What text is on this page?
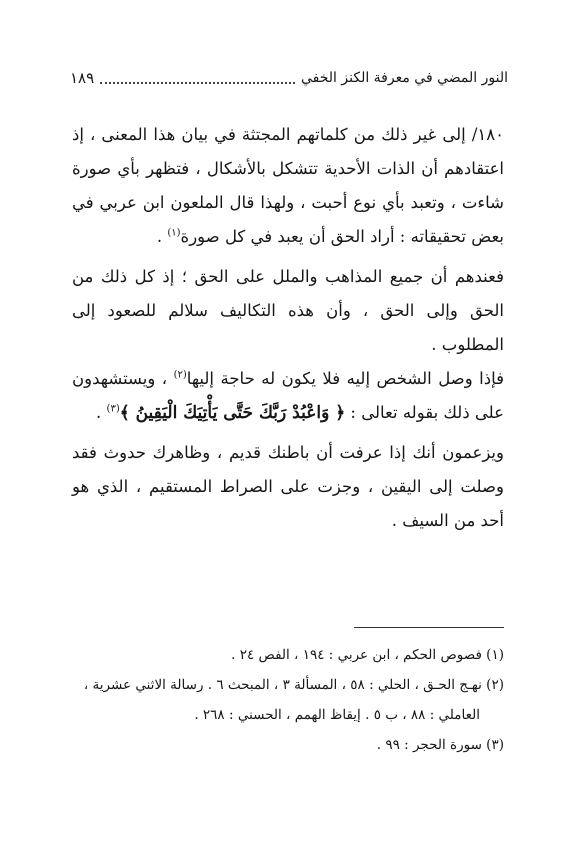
النور المضي في معرفة الكنز الخفي
١٨٩

١٨٠/ إلى غير ذلك من كلماتهم المجتثة في بيان هذا المعنى ، إذ اعتقادهم أن الذات الأحدية تتشكل بالأشكال ، فتظهر بأي صورة شاءت ، وتعبد بأي نوع أحبت ، ولهذا قال الملعون ابن عربي في بعض تحقيقاته : أراد الحق أن يعبد في كل صورة$^{(١)}$ .

فعندهم أن جميع المذاهب والملل على الحق ؛ إذ كل ذلك من الحق وإلى الحق ، وأن هذه التكاليف سلالم للصعود إلى المطلوب .

فإذا وصل الشخص إليه فلا يكون له حاجة إليها$^{(٢)}$ ، ويستشهدون على ذلك بقوله تعالى : ﴿ وَاعْبُدْ رَبَّكَ حَتَّى يَأْتِيَكَ الْيَقِينُ ﴾$^{(٣)}$ .

ويزعمون أنك إذا عرفت أن باطنك قديم ، وظاهرك حدوث فقد وصلت إلى اليقين ، وجزت على الصراط المستقيم ، الذي هو أحد من السيف .

(١) فصوص الحكم ، ابن عربي : ١٩٤ ، الفص ٢٤ .

(٢) نهـج الحـق ، الحلي : ٥٨ ، المسألة ٣ ، المبحث ٦ . رسالة الاثني عشرية ،

العاملي : ٨٨ ، ب ٥ . إيقاظ الهمم ، الحسني : ٢٦٨ .

(٣) سورة الحجر : ٩٩ .
